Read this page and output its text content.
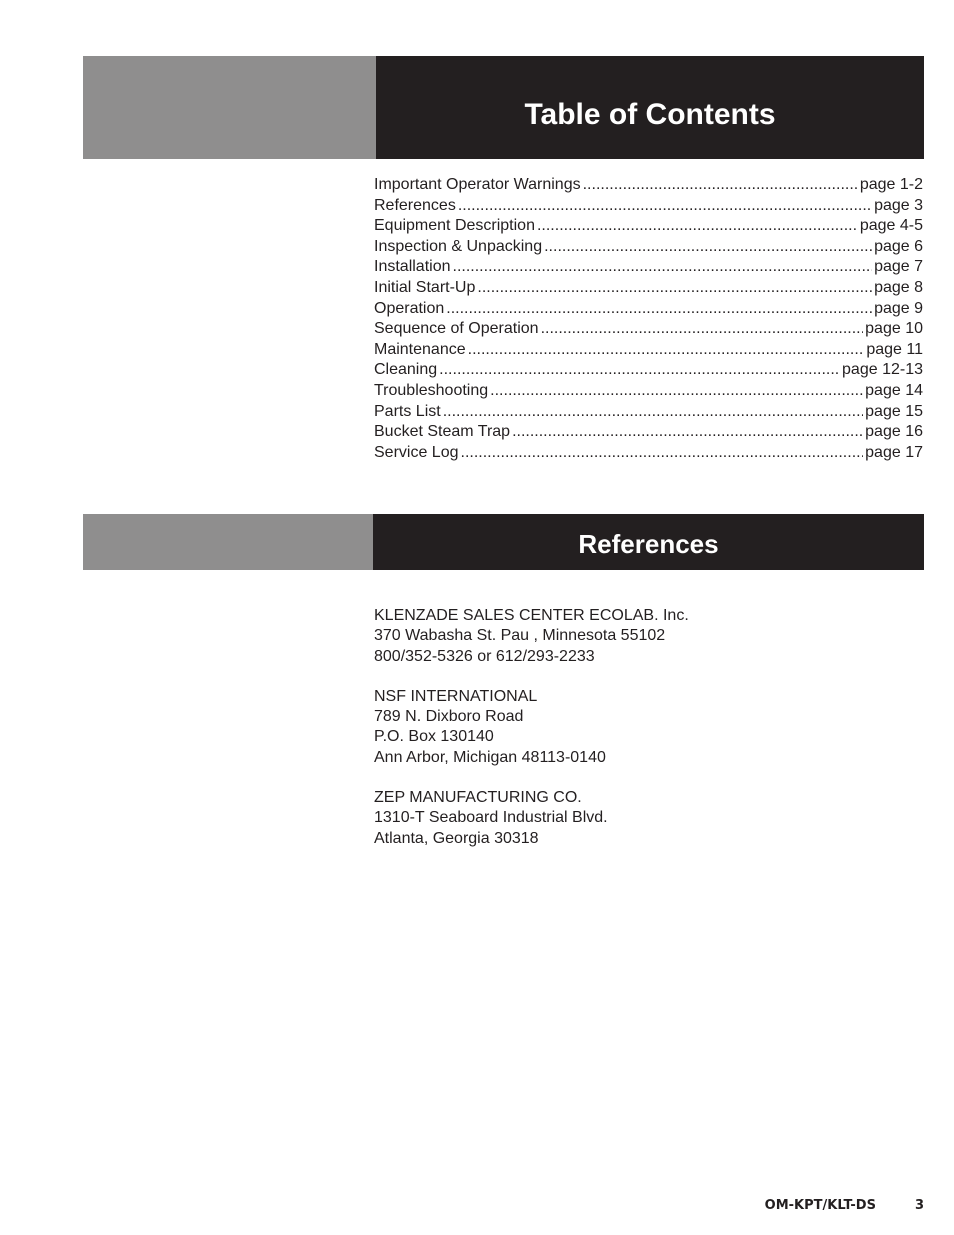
Table of Contents
Important Operator Warnings .....	page 1-2
References .....	page 3
Equipment Description .....	page 4-5
Inspection & Unpacking .....	page 6
Installation .....	page 7
Initial Start-Up .....	page 8
Operation .....	page 9
Sequence of Operation .....	page 10
Maintenance .....	page 11
Cleaning .....	page 12-13
Troubleshooting .....	page 14
Parts List .....	page 15
Bucket Steam Trap .....	page 16
Service Log .....	page 17
References
KLENZADE SALES CENTER ECOLAB. Inc.
370 Wabasha St. Pau , Minnesota 55102
800/352-5326 or 612/293-2233
NSF INTERNATIONAL
789 N. Dixboro Road
P.O. Box 130140
Ann Arbor, Michigan 48113-0140
ZEP MANUFACTURING CO.
1310-T Seaboard Industrial Blvd.
Atlanta, Georgia 30318
OM-KPT/KLT-DS	3
